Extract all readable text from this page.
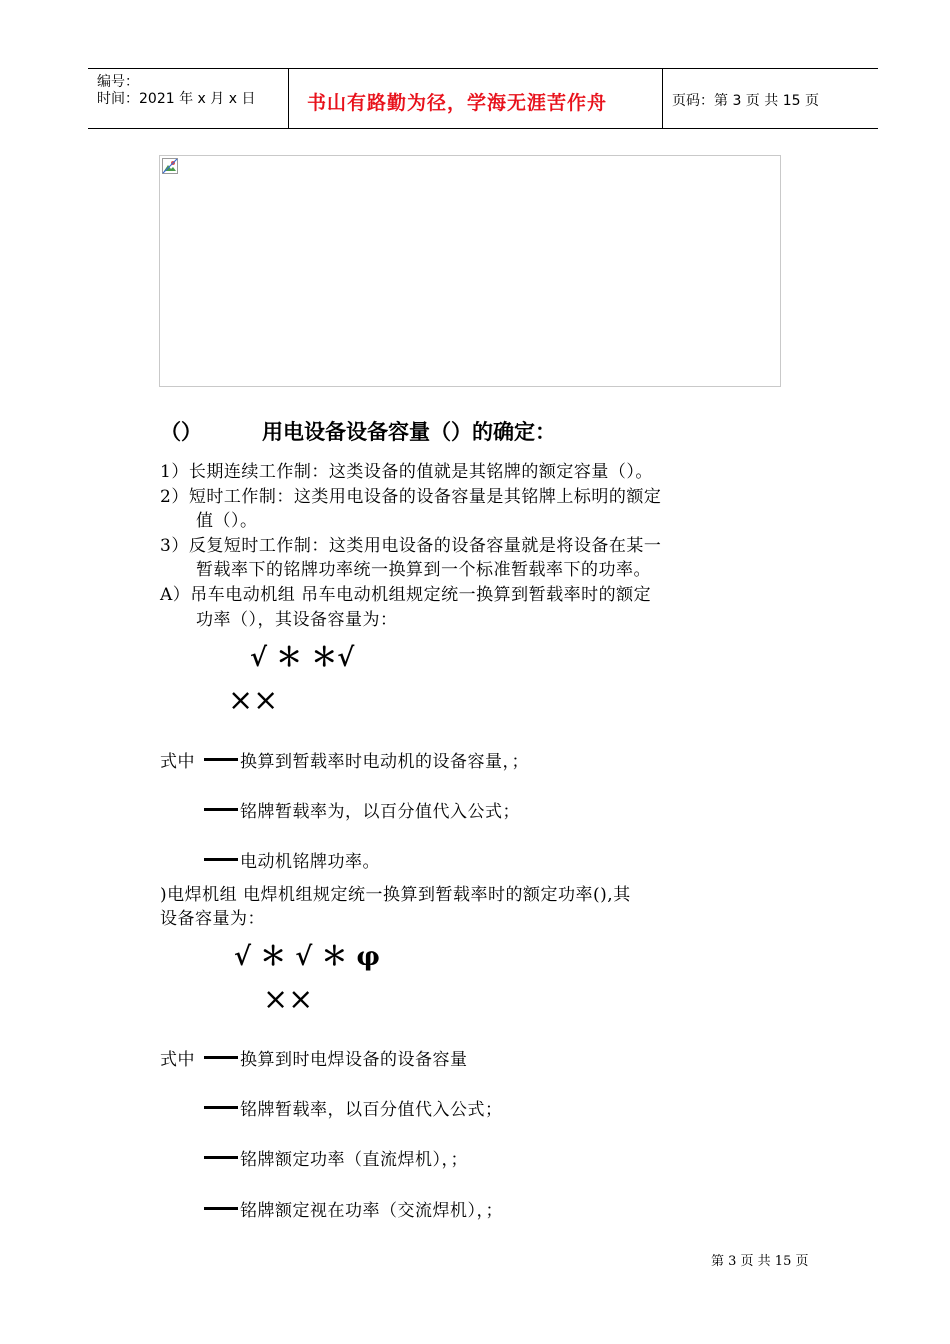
编号：
时间：2021 年 x 月 x 日	书山有路勤为径，学海无涯苦作舟	页码：第 3 页 共 15 页
（）	用电设备设备容量（）的确定：
1）长期连续工作制：这类设备的值就是其铭牌的额定容量（）。
2）短时工作制：这类用电设备的设备容量是其铭牌上标明的额定
值（）。
3）反复短时工作制：这类用电设备的设备容量就是将设备在某一
暂载率下的铭牌功率统一换算到一个标准暂载率下的功率。
A）吊车电动机组 吊车电动机组规定统一换算到暂载率时的额定
功率（），其设备容量为：
√ ＊ ＊√
××
式中	换算到暂载率时电动机的设备容量，；
铭牌暂载率为，以百分值代入公式；
电动机铭牌功率。
)电焊机组 电焊机组规定统一换算到暂载率时的额定功率(),其
设备容量为：
√ ＊ √ ＊ φ
××
式中	换算到时电焊设备的设备容量
铭牌暂载率，以百分值代入公式；
铭牌额定功率（直流焊机），；
铭牌额定视在功率（交流焊机），；
第 3 页 共 15 页
